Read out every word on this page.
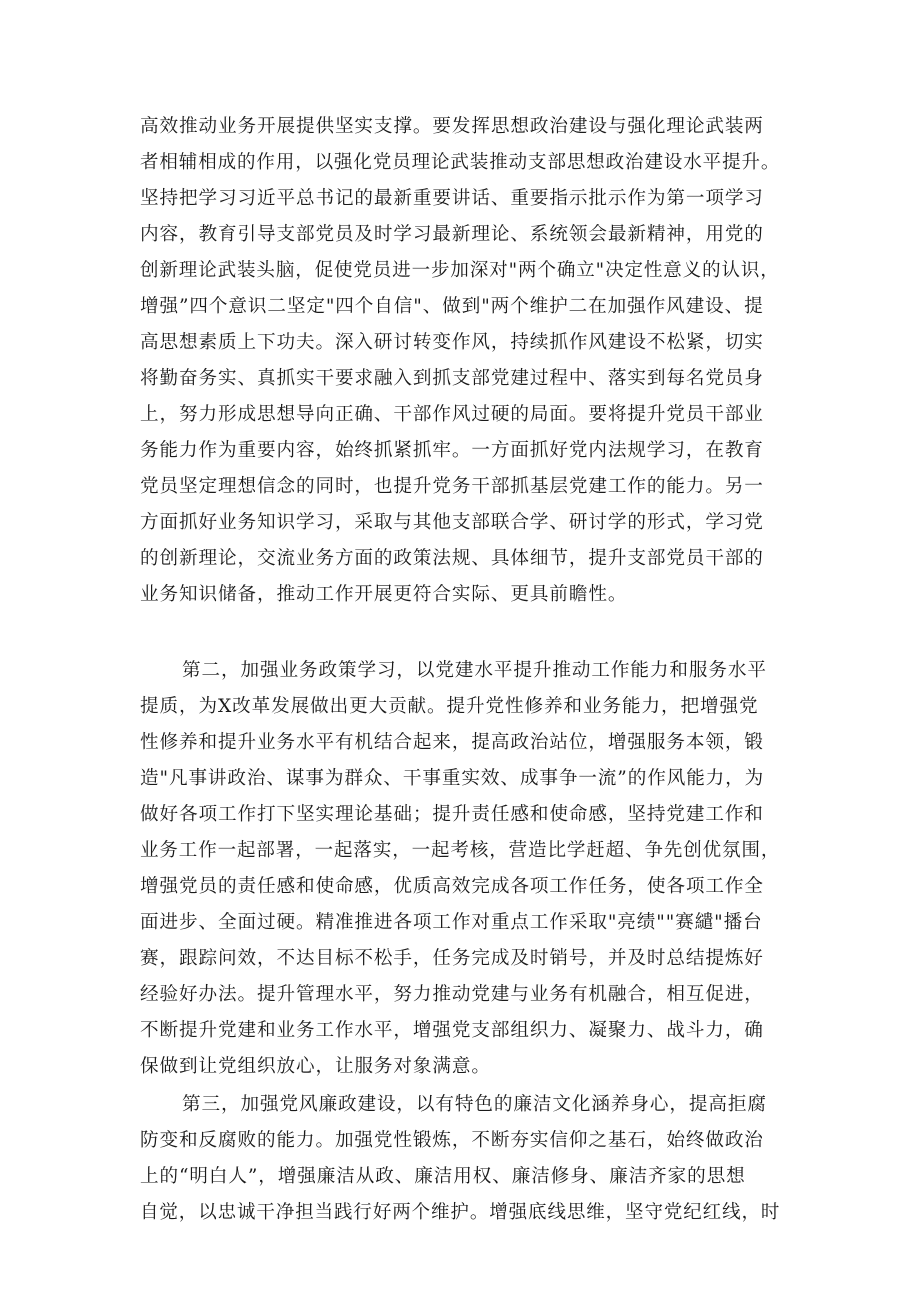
高效推动业务开展提供坚实支撑。要发挥思想政治建设与强化理论武装两
者相辅相成的作用，以强化党员理论武装推动支部思想政治建设水平提升。
坚持把学习习近平总书记的最新重要讲话、重要指示批示作为第一项学习
内容，教育引导支部党员及时学习最新理论、系统领会最新精神，用党的
创新理论武装头脑，促使党员进一步加深对"两个确立"决定性意义的认识，
增强”四个意识二坚定"四个自信"、做到"两个维护二在加强作风建设、提
高思想素质上下功夫。深入研讨转变作风，持续抓作风建设不松紧，切实
将勤奋务实、真抓实干要求融入到抓支部党建过程中、落实到每名党员身
上，努力形成思想导向正确、干部作风过硬的局面。要将提升党员干部业
务能力作为重要内容，始终抓紧抓牢。一方面抓好党内法规学习，在教育
党员坚定理想信念的同时，也提升党务干部抓基层党建工作的能力。另一
方面抓好业务知识学习，采取与其他支部联合学、研讨学的形式，学习党
的创新理论，交流业务方面的政策法规、具体细节，提升支部党员干部的
业务知识储备，推动工作开展更符合实际、更具前瞻性。
第二，加强业务政策学习，以党建水平提升推动工作能力和服务水平
提质，为X改革发展做出更大贡献。提升党性修养和业务能力，把增强党
性修养和提升业务水平有机结合起来，提高政治站位，增强服务本领，锻
造"凡事讲政治、谋事为群众、干事重实效、成事争一流”的作风能力，为
做好各项工作打下坚实理论基础；提升责任感和使命感，坚持党建工作和
业务工作一起部署，一起落实，一起考核，营造比学赶超、争先创优氛围，
增强党员的责任感和使命感，优质高效完成各项工作任务，使各项工作全
面进步、全面过硬。精准推进各项工作对重点工作采取"亮绩""赛繾"播台
赛，跟踪问效，不达目标不松手，任务完成及时销号，并及时总结提炼好
经验好办法。提升管理水平，努力推动党建与业务有机融合，相互促进，
不断提升党建和业务工作水平，增强党支部组织力、凝聚力、战斗力，确
保做到让党组织放心，让服务对象满意。
第三，加强党风廉政建设，以有特色的廉洁文化涵养身心，提高拒腐
防变和反腐败的能力。加强党性锻炼，不断夯实信仰之基石，始终做政治
上的“明白人”，增强廉洁从政、廉洁用权、廉洁修身、廉洁齐家的思想
自觉，以忠诚干净担当践行好两个维护。增强底线思维，坚守党纪红线，时
